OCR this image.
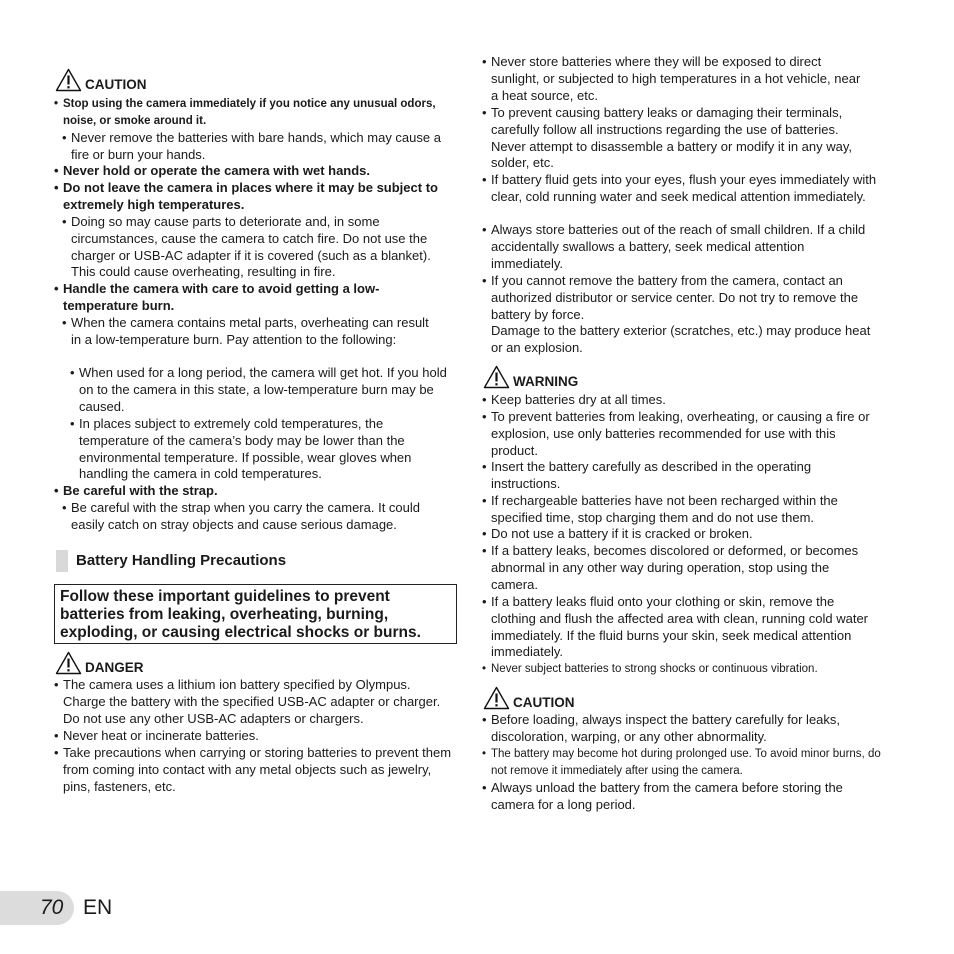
CAUTION

• Stop using the camera immediately if you notice any unusual odors, noise, or smoke around it.

• Never remove the batteries with bare hands, which may cause a fire or burn your hands.

• Never hold or operate the camera with wet hands.

• Do not leave the camera in places where it may be subject to extremely high temperatures.

• Doing so may cause parts to deteriorate and, in some circumstances, cause the camera to catch fire. Do not use the charger or USB-AC adapter if it is covered (such as a blanket). This could cause overheating, resulting in fire.

• Handle the camera with care to avoid getting a low-temperature burn.

• When the camera contains metal parts, overheating can result in a low-temperature burn. Pay attention to the following:

• When used for a long period, the camera will get hot. If you hold on to the camera in this state, a low-temperature burn may be caused.

• In places subject to extremely cold temperatures, the temperature of the camera’s body may be lower than the environmental temperature. If possible, wear gloves when handling the camera in cold temperatures.

• Be careful with the strap.

• Be careful with the strap when you carry the camera. It could easily catch on stray objects and cause serious damage.

Battery Handling Precautions
Follow these important guidelines to prevent batteries from leaking, overheating, burning, exploding, or causing electrical shocks or burns.
DANGER

• The camera uses a lithium ion battery specified by Olympus. Charge the battery with the specified USB-AC adapter or charger. Do not use any other USB-AC adapters or chargers.

• Never heat or incinerate batteries.

• Take precautions when carrying or storing batteries to prevent them from coming into contact with any metal objects such as jewelry, pins, fasteners, etc.

• Never store batteries where they will be exposed to direct sunlight, or subjected to high temperatures in a hot vehicle, near a heat source, etc.

• To prevent causing battery leaks or damaging their terminals, carefully follow all instructions regarding the use of batteries. Never attempt to disassemble a battery or modify it in any way, solder, etc.

• If battery fluid gets into your eyes, flush your eyes immediately with clear, cold running water and seek medical attention immediately.

• Always store batteries out of the reach of small children. If a child accidentally swallows a battery, seek medical attention immediately.

• If you cannot remove the battery from the camera, contact an authorized distributor or service center. Do not try to remove the battery by force.

Damage to the battery exterior (scratches, etc.) may produce heat or an explosion.

WARNING

• Keep batteries dry at all times.

• To prevent batteries from leaking, overheating, or causing a fire or explosion, use only batteries recommended for use with this product.

• Insert the battery carefully as described in the operating instructions.

• If rechargeable batteries have not been recharged within the specified time, stop charging them and do not use them.

• Do not use a battery if it is cracked or broken.

• If a battery leaks, becomes discolored or deformed, or becomes abnormal in any other way during operation, stop using the camera.

• If a battery leaks fluid onto your clothing or skin, remove the clothing and flush the affected area with clean, running cold water immediately. If the fluid burns your skin, seek medical attention immediately.

• Never subject batteries to strong shocks or continuous vibration.

CAUTION

• Before loading, always inspect the battery carefully for leaks, discoloration, warping, or any other abnormality.

• The battery may become hot during prolonged use. To avoid minor burns, do not remove it immediately after using the camera.

• Always unload the battery from the camera before storing the camera for a long period.

70 EN
